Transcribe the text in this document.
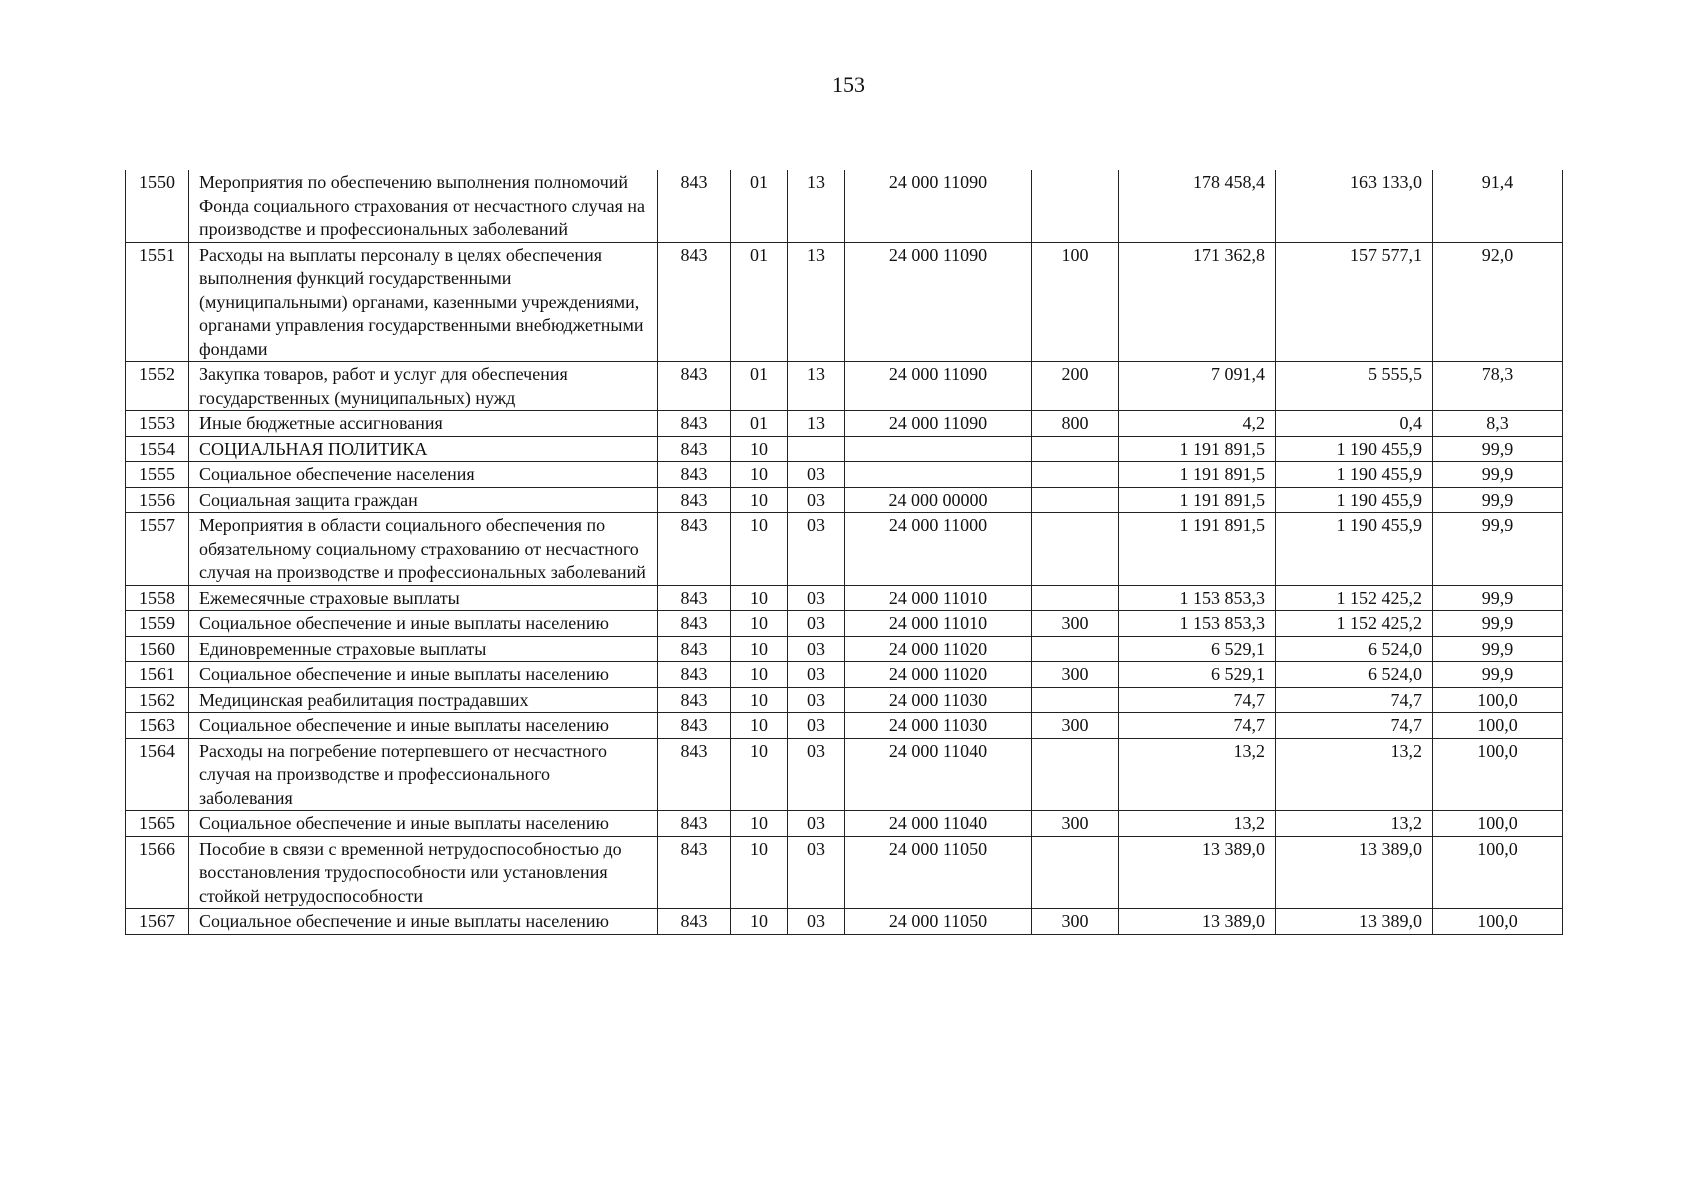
153
1550	Мероприятия по обеспечению выполнения полномочий Фонда социального страхования от несчастного случая на производстве и профессиональных заболеваний	843	01	13	24 000 11090		178 458,4	163 133,0	91,4
1551	Расходы на выплаты персоналу в целях обеспечения выполнения функций государственными (муниципальными) органами, казенными учреждениями, органами управления государственными внебюджетными фондами	843	01	13	24 000 11090	100	171 362,8	157 577,1	92,0
1552	Закупка товаров, работ и услуг для обеспечения государственных (муниципальных) нужд	843	01	13	24 000 11090	200	7 091,4	5 555,5	78,3
1553	Иные бюджетные ассигнования	843	01	13	24 000 11090	800	4,2	0,4	8,3
1554	СОЦИАЛЬНАЯ ПОЛИТИКА	843	10				1 191 891,5	1 190 455,9	99,9
1555	Социальное обеспечение населения	843	10	03			1 191 891,5	1 190 455,9	99,9
1556	Социальная защита граждан	843	10	03	24 000 00000		1 191 891,5	1 190 455,9	99,9
1557	Мероприятия в области социального обеспечения по обязательному социальному страхованию от несчастного случая на производстве и профессиональных заболеваний	843	10	03	24 000 11000		1 191 891,5	1 190 455,9	99,9
1558	Ежемесячные страховые выплаты	843	10	03	24 000 11010		1 153 853,3	1 152 425,2	99,9
1559	Социальное обеспечение и иные выплаты населению	843	10	03	24 000 11010	300	1 153 853,3	1 152 425,2	99,9
1560	Единовременные страховые выплаты	843	10	03	24 000 11020		6 529,1	6 524,0	99,9
1561	Социальное обеспечение и иные выплаты населению	843	10	03	24 000 11020	300	6 529,1	6 524,0	99,9
1562	Медицинская реабилитация пострадавших	843	10	03	24 000 11030		74,7	74,7	100,0
1563	Социальное обеспечение и иные выплаты населению	843	10	03	24 000 11030	300	74,7	74,7	100,0
1564	Расходы на погребение потерпевшего от несчастного случая на производстве и профессионального заболевания	843	10	03	24 000 11040		13,2	13,2	100,0
1565	Социальное обеспечение и иные выплаты населению	843	10	03	24 000 11040	300	13,2	13,2	100,0
1566	Пособие в связи с временной нетрудоспособностью до восстановления трудоспособности или установления стойкой нетрудоспособности	843	10	03	24 000 11050		13 389,0	13 389,0	100,0
1567	Социальное обеспечение и иные выплаты населению	843	10	03	24 000 11050	300	13 389,0	13 389,0	100,0
